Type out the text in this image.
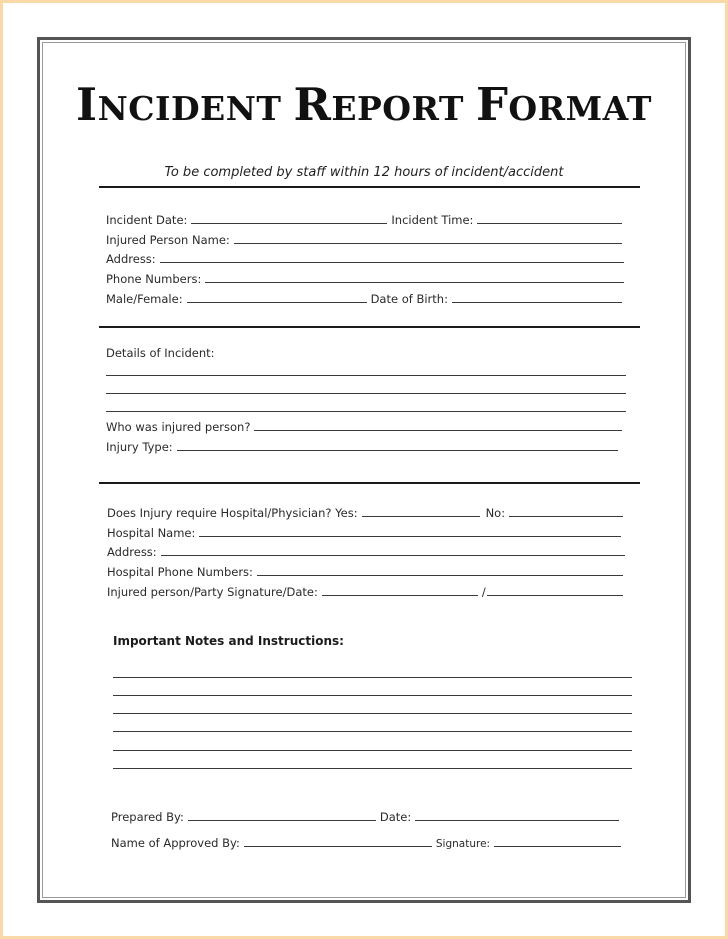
INCIDENT REPORT FORMAT
To be completed by staff within 12 hours of incident/accident
Incident Date:	Incident Time:
Injured Person Name:
Address:
Phone Numbers:
Male/Female:	Date of Birth:
Details of Incident:
Who was injured person?
Injury Type:
Does Injury require Hospital/Physician? Yes:	No:
Hospital Name:
Address:
Hospital Phone Numbers:
Injured person/Party Signature/Date:	/
Important Notes and Instructions:
Prepared By:	Date:
Name of Approved By:	Signature:
